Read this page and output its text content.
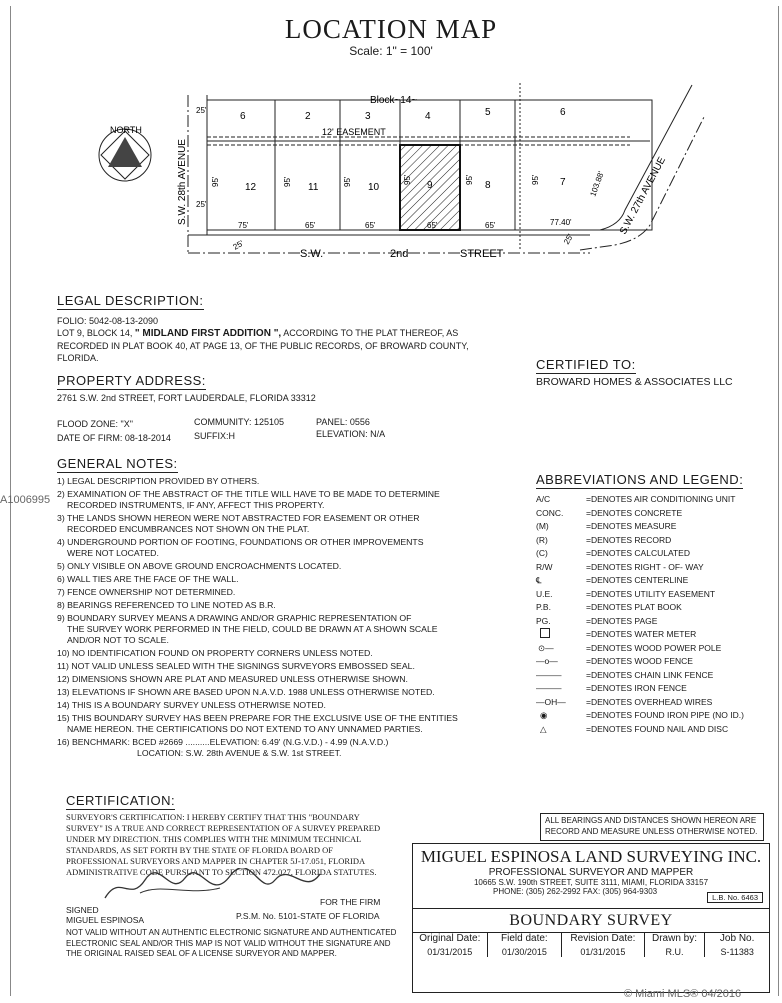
LOCATION MAP
Scale: 1" = 100'
NORTH
S.W. 28th AVENUE
12' EASEMENT
Block~14~
6	2	3	4	5	6
12	11	10	9	8	7
95'	95'	95'	95'	95'	95'
25'
25'
75'	65'	65'	65'	65'	77.40'
103.88' S.W. 27th AVENUE
S.W.	2nd	STREET
25'	25'
LEGAL DESCRIPTION:
FOLIO: 5042-08-13-2090
LOT 9, BLOCK 14, " MIDLAND FIRST ADDITION ", ACCORDING TO THE PLAT THEREOF, AS
RECORDED IN PLAT BOOK 40, AT PAGE 13, OF THE PUBLIC RECORDS, OF BROWARD COUNTY,
FLORIDA.	CERTIFIED TO:
BROWARD HOMES & ASSOCIATES LLC
PROPERTY ADDRESS:
2761 S.W. 2nd STREET, FORT LAUDERDALE, FLORIDA 33312
FLOOD ZONE: "X"	COMMUNITY: 125105	PANEL: 0556
DATE OF FIRM: 08-18-2014	SUFFIX:H	ELEVATION: N/A
GENERAL NOTES:
1) LEGAL DESCRIPTION PROVIDED BY OTHERS.
2) EXAMINATION OF THE ABSTRACT OF THE TITLE WILL HAVE TO BE MADE TO DETERMINE
RECORDED INSTRUMENTS, IF ANY, AFFECT THIS PROPERTY.
3) THE LANDS SHOWN HEREON WERE NOT ABSTRACTED FOR EASEMENT OR OTHER
RECORDED ENCUMBRANCES NOT SHOWN ON THE PLAT.
4) UNDERGROUND PORTION OF FOOTING, FOUNDATIONS OR OTHER IMPROVEMENTS
WERE NOT LOCATED.
5) ONLY VISIBLE ON ABOVE GROUND ENCROACHMENTS LOCATED.
6) WALL TIES ARE THE FACE OF THE WALL.
7) FENCE OWNERSHIP NOT DETERMINED.
8) BEARINGS REFERENCED TO LINE NOTED AS B.R.
9) BOUNDARY SURVEY MEANS A DRAWING AND/OR GRAPHIC REPRESENTATION OF
THE SURVEY WORK PERFORMED IN THE FIELD, COULD BE DRAWN AT A SHOWN SCALE
AND/OR NOT TO SCALE.
10) NO IDENTIFICATION FOUND ON PROPERTY CORNERS UNLESS NOTED.
11) NOT VALID UNLESS SEALED WITH THE SIGNINGS SURVEYORS EMBOSSED SEAL.
12) DIMENSIONS SHOWN ARE PLAT AND MEASURED UNLESS OTHERWISE SHOWN.
13) ELEVATIONS IF SHOWN ARE BASED UPON N.A.V.D. 1988 UNLESS OTHERWISE NOTED.
14) THIS IS A BOUNDARY SURVEY UNLESS OTHERWISE NOTED.
15) THIS BOUNDARY SURVEY HAS BEEN PREPARE FOR THE EXCLUSIVE USE OF THE ENTITIES
NAME HEREON. THE CERTIFICATIONS DO NOT EXTEND TO ANY UNNAMED PARTIES.
16) BENCHMARK: BCED #2669 ..........ELEVATION: 6.49' (N.G.V.D.) - 4.99 (N.A.V.D.)
LOCATION: S.W. 28th AVENUE & S.W. 1st STREET.
ABBREVIATIONS AND LEGEND:
A/C	=DENOTES AIR CONDITIONING UNIT
CONC.	=DENOTES CONCRETE
(M)	=DENOTES MEASURE
(R)	=DENOTES RECORD
(C)	=DENOTES CALCULATED
R/W	=DENOTES RIGHT - OF- WAY
℄	=DENOTES CENTERLINE
U.E.	=DENOTES UTILITY EASEMENT
P.B.	=DENOTES PLAT BOOK
PG.	=DENOTES PAGE
=DENOTES WATER METER
⊙—	=DENOTES WOOD POWER POLE
—o—	=DENOTES WOOD FENCE
———	=DENOTES CHAIN LINK FENCE
———	=DENOTES IRON FENCE
—OH—	=DENOTES OVERHEAD WIRES
◉	=DENOTES FOUND IRON PIPE (NO ID.)
△	=DENOTES FOUND NAIL AND DISC
CERTIFICATION:
SURVEYOR'S CERTIFICATION: I HEREBY CERTIFY THAT THIS "BOUNDARY
SURVEY" IS A TRUE AND CORRECT REPRESENTATION OF A SURVEY PREPARED
UNDER MY DIRECTION. THIS COMPLIES WITH THE MINIMUM TECHNICAL
STANDARDS, AS SET FORTH BY THE STATE OF FLORIDA BOARD OF
PROFESSIONAL SURVEYORS AND MAPPER IN CHAPTER 5J-17.051, FLORIDA
ADMINISTRATIVE CODE PURSUANT TO SECTION 472.027, FLORIDA STATUTES.
FOR THE FIRM
SIGNED
MIGUEL ESPINOSA	P.S.M. No. 5101-STATE OF FLORIDA
NOT VALID WITHOUT AN AUTHENTIC ELECTRONIC SIGNATURE AND AUTHENTICATED
ELECTRONIC SEAL AND/OR THIS MAP IS NOT VALID WITHOUT THE SIGNATURE AND
THE ORIGINAL RAISED SEAL OF A LICENSE SURVEYOR AND MAPPER.
ALL BEARINGS AND DISTANCES SHOWN HEREON ARE
RECORD AND MEASURE UNLESS OTHERWISE NOTED.
MIGUEL ESPINOSA LAND SURVEYING INC.
PROFESSIONAL SURVEYOR AND MAPPER
10665 S.W. 190th STREET, SUITE 3111, MIAMI, FLORIDA 33157
PHONE: (305) 262-2992 FAX: (305) 964-9303
L.B. No. 6463
BOUNDARY SURVEY
Original Date:
01/31/2015
Field date:
01/30/2015
Revision Date:
01/31/2015
Drawn by:
R.U.
Job No.
S-11383
A1006995
© Miami MLS® 04/2016
